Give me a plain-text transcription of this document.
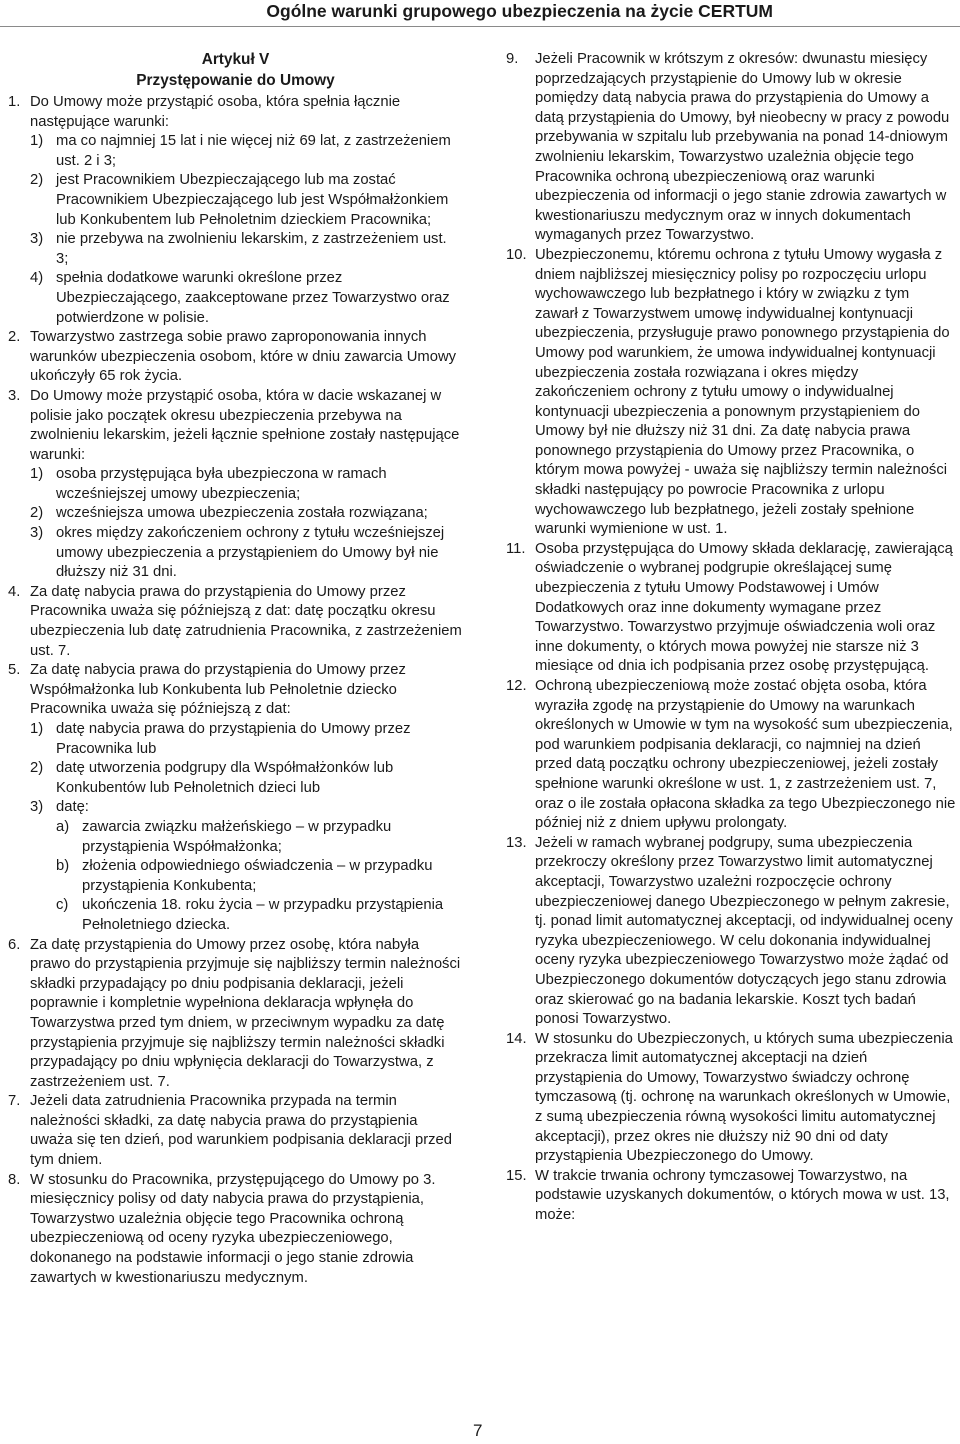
Ogólne warunki grupowego ubezpieczenia na życie CERTUM
Artykuł V
Przystępowanie do Umowy
1. Do Umowy może przystąpić osoba, która spełnia łącznie następujące warunki:
1) ma co najmniej 15 lat i nie więcej niż 69 lat, z zastrzeżeniem ust. 2 i 3;
2) jest Pracownikiem Ubezpieczającego lub ma zostać Pracownikiem Ubezpieczającego lub jest Współmałżonkiem lub Konkubentem lub Pełnoletnim dzieckiem Pracownika;
3) nie przebywa na zwolnieniu lekarskim, z zastrzeżeniem ust. 3;
4) spełnia dodatkowe warunki określone przez Ubezpieczającego, zaakceptowane przez Towarzystwo oraz potwierdzone w polisie.
2. Towarzystwo zastrzega sobie prawo zaproponowania innych warunków ubezpieczenia osobom, które w dniu zawarcia Umowy ukończyły 65 rok życia.
3. Do Umowy może przystąpić osoba, która w dacie wskazanej w polisie jako początek okresu ubezpieczenia przebywa na zwolnieniu lekarskim, jeżeli łącznie spełnione zostały następujące warunki:
1) osoba przystępująca była ubezpieczona w ramach wcześniejszej umowy ubezpieczenia;
2) wcześniejsza umowa ubezpieczenia została rozwiązana;
3) okres między zakończeniem ochrony z tytułu wcześniejszej umowy ubezpieczenia a przystąpieniem do Umowy był nie dłuższy niż 31 dni.
4. Za datę nabycia prawa do przystąpienia do Umowy przez Pracownika uważa się późniejszą z dat: datę początku okresu ubezpieczenia lub datę zatrudnienia Pracownika, z zastrzeżeniem ust. 7.
5. Za datę nabycia prawa do przystąpienia do Umowy przez Współmałżonka lub Konkubenta lub Pełnoletnie dziecko Pracownika uważa się późniejszą z dat:
1) datę nabycia prawa do przystąpienia do Umowy przez Pracownika lub
2) datę utworzenia podgrupy dla Współmałżonków lub Konkubentów lub Pełnoletnich dzieci lub
3) datę:
a) zawarcia związku małżeńskiego – w przypadku przystąpienia Współmałżonka;
b) złożenia odpowiedniego oświadczenia – w przypadku przystąpienia Konkubenta;
c) ukończenia 18. roku życia – w przypadku przystąpienia Pełnoletniego dziecka.
6. Za datę przystąpienia do Umowy przez osobę, która nabyła prawo do przystąpienia przyjmuje się najbliższy termin należności składki przypadający po dniu podpisania deklaracji, jeżeli poprawnie i kompletnie wypełniona deklaracja wpłynęła do Towarzystwa przed tym dniem, w przeciwnym wypadku za datę przystąpienia przyjmuje się najbliższy termin należności składki przypadający po dniu wpłynięcia deklaracji do Towarzystwa, z zastrzeżeniem ust. 7.
7. Jeżeli data zatrudnienia Pracownika przypada na termin należności składki, za datę nabycia prawa do przystąpienia uważa się ten dzień, pod warunkiem podpisania deklaracji przed tym dniem.
8. W stosunku do Pracownika, przystępującego do Umowy po 3. miesięcznicy polisy od daty nabycia prawa do przystąpienia, Towarzystwo uzależnia objęcie tego Pracownika ochroną ubezpieczeniową od oceny ryzyka ubezpieczeniowego, dokonanego na podstawie informacji o jego stanie zdrowia zawartych w kwestionariuszu medycznym.
9.	Jeżeli Pracownik w krótszym z okresów: dwunastu miesięcy poprzedzających przystąpienie do Umowy lub w okresie pomiędzy datą nabycia prawa do przystąpienia do Umowy a datą przystąpienia do Umowy, był nieobecny w pracy z powodu przebywania w szpitalu lub przebywania na ponad 14-dniowym zwolnieniu lekarskim, Towarzystwo uzależnia objęcie tego Pracownika ochroną ubezpieczeniową oraz warunki ubezpieczenia od informacji o jego stanie zdrowia zawartych w kwestionariuszu medycznym oraz w innych dokumentach wymaganych przez Towarzystwo.
10. Ubezpieczonemu, któremu ochrona z tytułu Umowy wygasła z dniem najbliższej miesięcznicy polisy po rozpoczęciu urlopu wychowawczego lub bezpłatnego i który w związku z tym zawarł z Towarzystwem umowę indywidualnej kontynuacji ubezpieczenia, przysługuje prawo ponownego przystąpienia do Umowy pod warunkiem, że umowa indywidualnej kontynuacji ubezpieczenia została rozwiązana i okres między zakończeniem ochrony z tytułu umowy o indywidualnej kontynuacji ubezpieczenia a ponownym przystąpieniem do Umowy był nie dłuższy niż 31 dni. Za datę nabycia prawa ponownego przystąpienia do Umowy przez Pracownika, o którym mowa powyżej - uważa się najbliższy termin należności składki następujący po powrocie Pracownika z urlopu wychowawczego lub bezpłatnego, jeżeli zostały spełnione warunki wymienione w ust. 1.
11. Osoba przystępująca do Umowy składa deklarację, zawierającą oświadczenie o wybranej podgrupie określającej sumę ubezpieczenia z tytułu Umowy Podstawowej i Umów Dodatkowych oraz inne dokumenty wymagane przez Towarzystwo. Towarzystwo przyjmuje oświadczenia woli oraz inne dokumenty, o których mowa powyżej nie starsze niż 3 miesiące od dnia ich podpisania przez osobę przystępującą.
12. Ochroną ubezpieczeniową może zostać objęta osoba, która wyraziła zgodę na przystąpienie do Umowy na warunkach określonych w Umowie w tym na wysokość sum ubezpieczenia, pod warunkiem podpisania deklaracji, co najmniej na dzień przed datą początku ochrony ubezpieczeniowej, jeżeli zostały spełnione warunki określone w ust. 1, z zastrzeżeniem ust. 7, oraz o ile została opłacona składka za tego Ubezpieczonego nie później niż z dniem upływu prolongaty.
13. Jeżeli w ramach wybranej podgrupy, suma ubezpieczenia przekroczy określony przez Towarzystwo limit automatycznej akceptacji, Towarzystwo uzależni rozpoczęcie ochrony ubezpieczeniowej danego Ubezpieczonego w pełnym zakresie, tj. ponad limit automatycznej akceptacji, od indywidualnej oceny ryzyka ubezpieczeniowego. W celu dokonania indywidualnej oceny ryzyka ubezpieczeniowego Towarzystwo może żądać od Ubezpieczonego dokumentów dotyczących jego stanu zdrowia oraz skierować go na badania lekarskie. Koszt tych badań ponosi Towarzystwo.
14. W stosunku do Ubezpieczonych, u których suma ubezpieczenia przekracza limit automatycznej akceptacji na dzień przystąpienia do Umowy, Towarzystwo świadczy ochronę tymczasową (tj. ochronę na warunkach określonych w Umowie, z sumą ubezpieczenia równą wysokości limitu automatycznej akceptacji), przez okres nie dłuższy niż 90 dni od daty przystąpienia Ubezpieczonego do Umowy.
15. W trakcie trwania ochrony tymczasowej Towarzystwo, na podstawie uzyskanych dokumentów, o których mowa w ust. 13, może:
7
